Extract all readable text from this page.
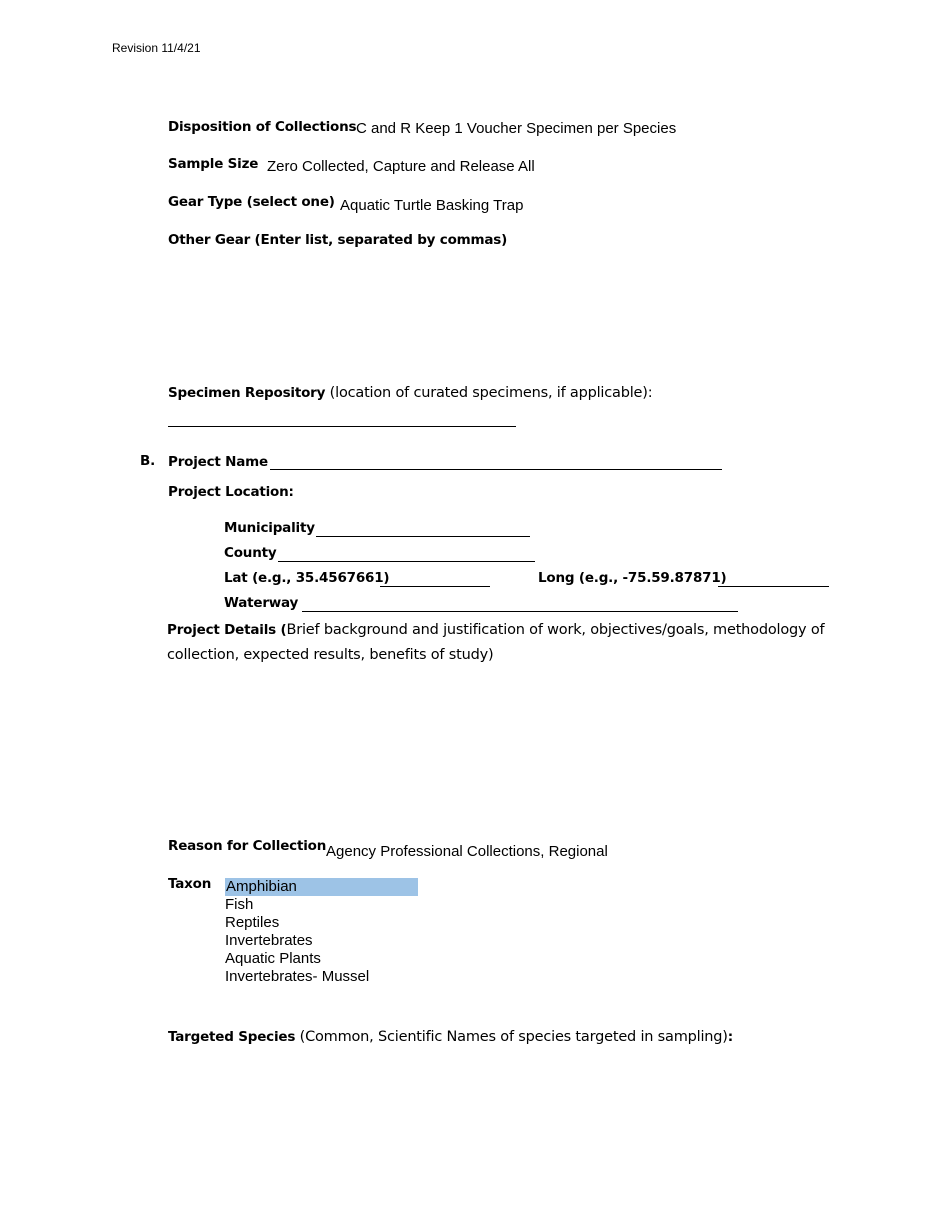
Revision 11/4/21
Disposition of Collections C and R Keep 1 Voucher Specimen per Species
Sample Size Zero Collected, Capture and Release All
Gear Type (select one) Aquatic Turtle Basking Trap
Other Gear (Enter list, separated by commas)
Specimen Repository (location of curated specimens, if applicable):
B. Project Name
Project Location:
Municipality
County
Lat (e.g., 35.4567661)	Long (e.g., -75.59.87871)
Waterway
Project Details (Brief background and justification of work, objectives/goals, methodology of
collection, expected results, benefits of study)
Reason for Collection Agency Professional Collections, Regional
Taxon Amphibian
Fish
Reptiles
Invertebrates
Aquatic Plants
Invertebrates- Mussel
Targeted Species (Common, Scientific Names of species targeted in sampling):
